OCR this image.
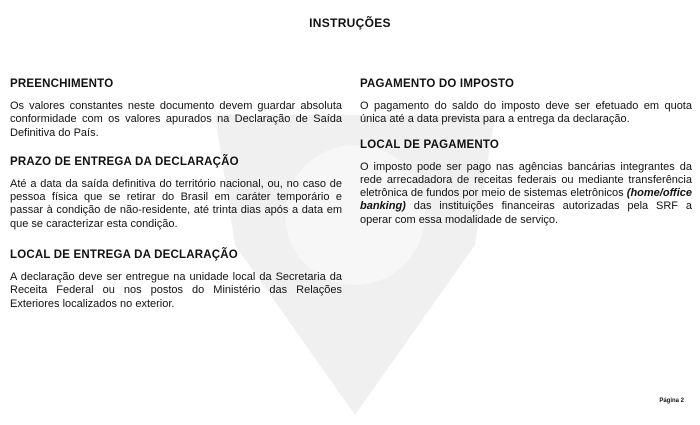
INSTRUÇÕES
PREENCHIMENTO

Os valores constantes neste documento devem guardar absoluta conformidade com os valores apurados na Declaração de Saída Definitiva do País.

PRAZO DE ENTREGA DA DECLARAÇÃO

Até a data da saída definitiva do território nacional, ou, no caso de pessoa física que se retirar do Brasil em caráter temporário e passar à condição de não-residente, até trinta dias após a data em que se caracterizar esta condição.

LOCAL DE ENTREGA DA DECLARAÇÃO

A declaração deve ser entregue na unidade local da Secretaria da Receita Federal ou nos postos do Ministério das Relações Exteriores localizados no exterior.

PAGAMENTO DO IMPOSTO

O pagamento do saldo do imposto deve ser efetuado em quota única até a data prevista para a entrega da declaração.

LOCAL DE PAGAMENTO

O imposto pode ser pago nas agências bancárias integrantes da rede arrecadadora de receitas federais ou mediante transferência eletrônica de fundos por meio de sistemas eletrônicos (home/office banking) das instituições financeiras autorizadas pela SRF a operar com essa modalidade de serviço.

Página 2
